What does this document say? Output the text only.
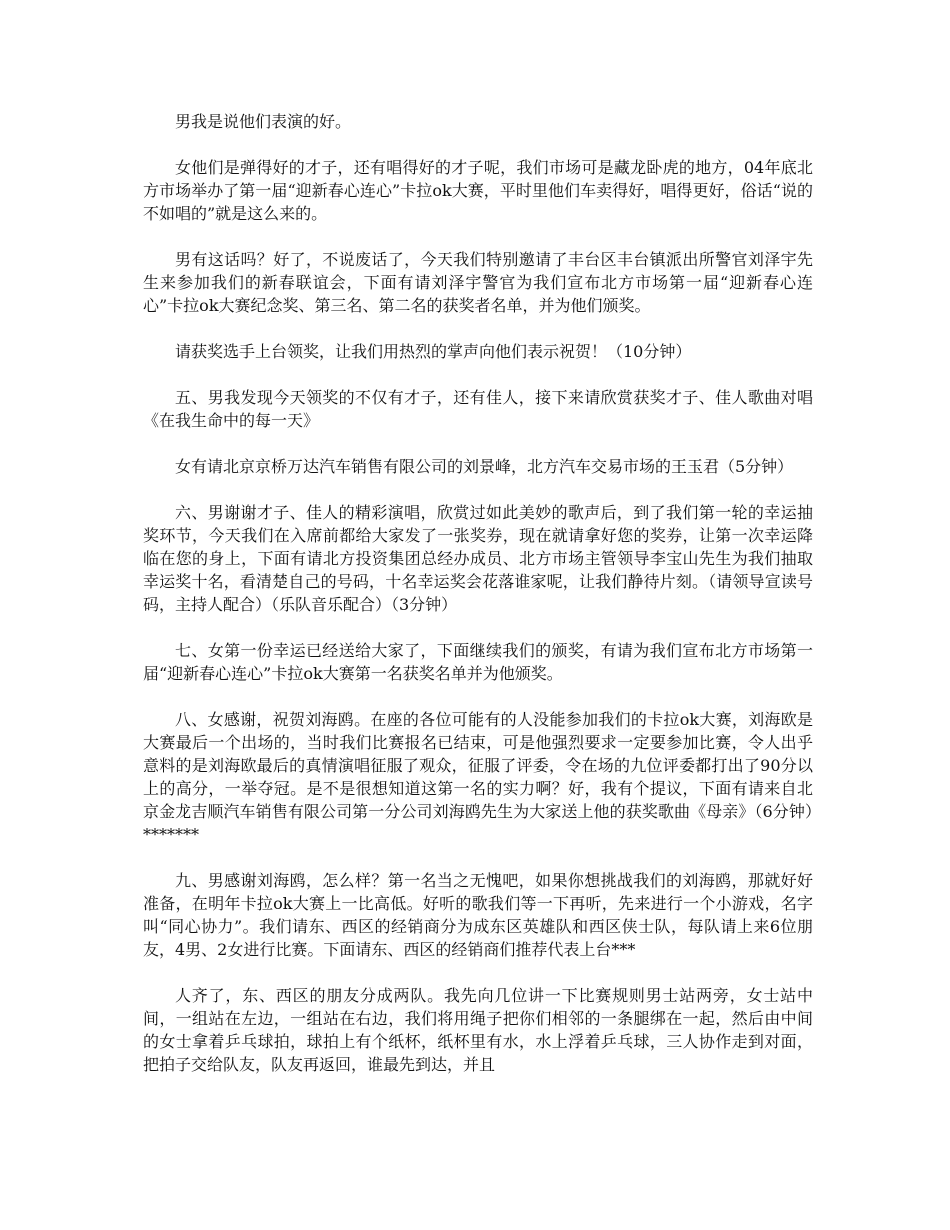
男我是说他们表演的好。

女他们是弹得好的才子，还有唱得好的才子呢，我们市场可是藏龙卧虎的地方，04年底北方市场举办了第一届“迎新春心连心”卡拉ok大赛，平时里他们车卖得好，唱得更好，俗话“说的不如唱的”就是这么来的。

男有这话吗？好了，不说废话了，今天我们特别邀请了丰台区丰台镇派出所警官刘泽宇先生来参加我们的新春联谊会，下面有请刘泽宇警官为我们宣布北方市场第一届“迎新春心连心”卡拉ok大赛纪念奖、第三名、第二名的获奖者名单，并为他们颁奖。

请获奖选手上台领奖，让我们用热烈的掌声向他们表示祝贺！（10分钟）

五、男我发现今天领奖的不仅有才子，还有佳人，接下来请欣赏获奖才子、佳人歌曲对唱《在我生命中的每一天》

女有请北京京桥万达汽车销售有限公司的刘景峰，北方汽车交易市场的王玉君（5分钟）

六、男谢谢才子、佳人的精彩演唱，欣赏过如此美妙的歌声后，到了我们第一轮的幸运抽奖环节，今天我们在入席前都给大家发了一张奖券，现在就请拿好您的奖券，让第一次幸运降临在您的身上，下面有请北方投资集团总经办成员、北方市场主管领导李宝山先生为我们抽取幸运奖十名，看清楚自己的号码，十名幸运奖会花落谁家呢，让我们静待片刻。（请领导宣读号码，主持人配合）（乐队音乐配合）（3分钟）

七、女第一份幸运已经送给大家了，下面继续我们的颁奖，有请为我们宣布北方市场第一届“迎新春心连心”卡拉ok大赛第一名获奖名单并为他颁奖。

八、女感谢，祝贺刘海鸥。在座的各位可能有的人没能参加我们的卡拉ok大赛，刘海欧是大赛最后一个出场的，当时我们比赛报名已结束，可是他强烈要求一定要参加比赛，令人出乎意料的是刘海欧最后的真情演唱征服了观众，征服了评委，令在场的九位评委都打出了90分以上的高分，一举夺冠。是不是很想知道这第一名的实力啊？好，我有个提议，下面有请来自北京金龙吉顺汽车销售有限公司第一分公司刘海鸥先生为大家送上他的获奖歌曲《母亲》（6分钟）*******

九、男感谢刘海鸥，怎么样？第一名当之无愧吧，如果你想挑战我们的刘海鸥，那就好好准备，在明年卡拉ok大赛上一比高低。好听的歌我们等一下再听，先来进行一个小游戏，名字叫“同心协力”。我们请东、西区的经销商分为成东区英雄队和西区侠士队，每队请上来6位朋友，4男、2女进行比赛。下面请东、西区的经销商们推荐代表上台***

人齐了，东、西区的朋友分成两队。我先向几位讲一下比赛规则男士站两旁，女士站中间，一组站在左边，一组站在右边，我们将用绳子把你们相邻的一条腿绑在一起，然后由中间的女士拿着乒乓球拍，球拍上有个纸杯，纸杯里有水，水上浮着乒乓球，三人协作走到对面，把拍子交给队友，队友再返回，谁最先到达，并且
